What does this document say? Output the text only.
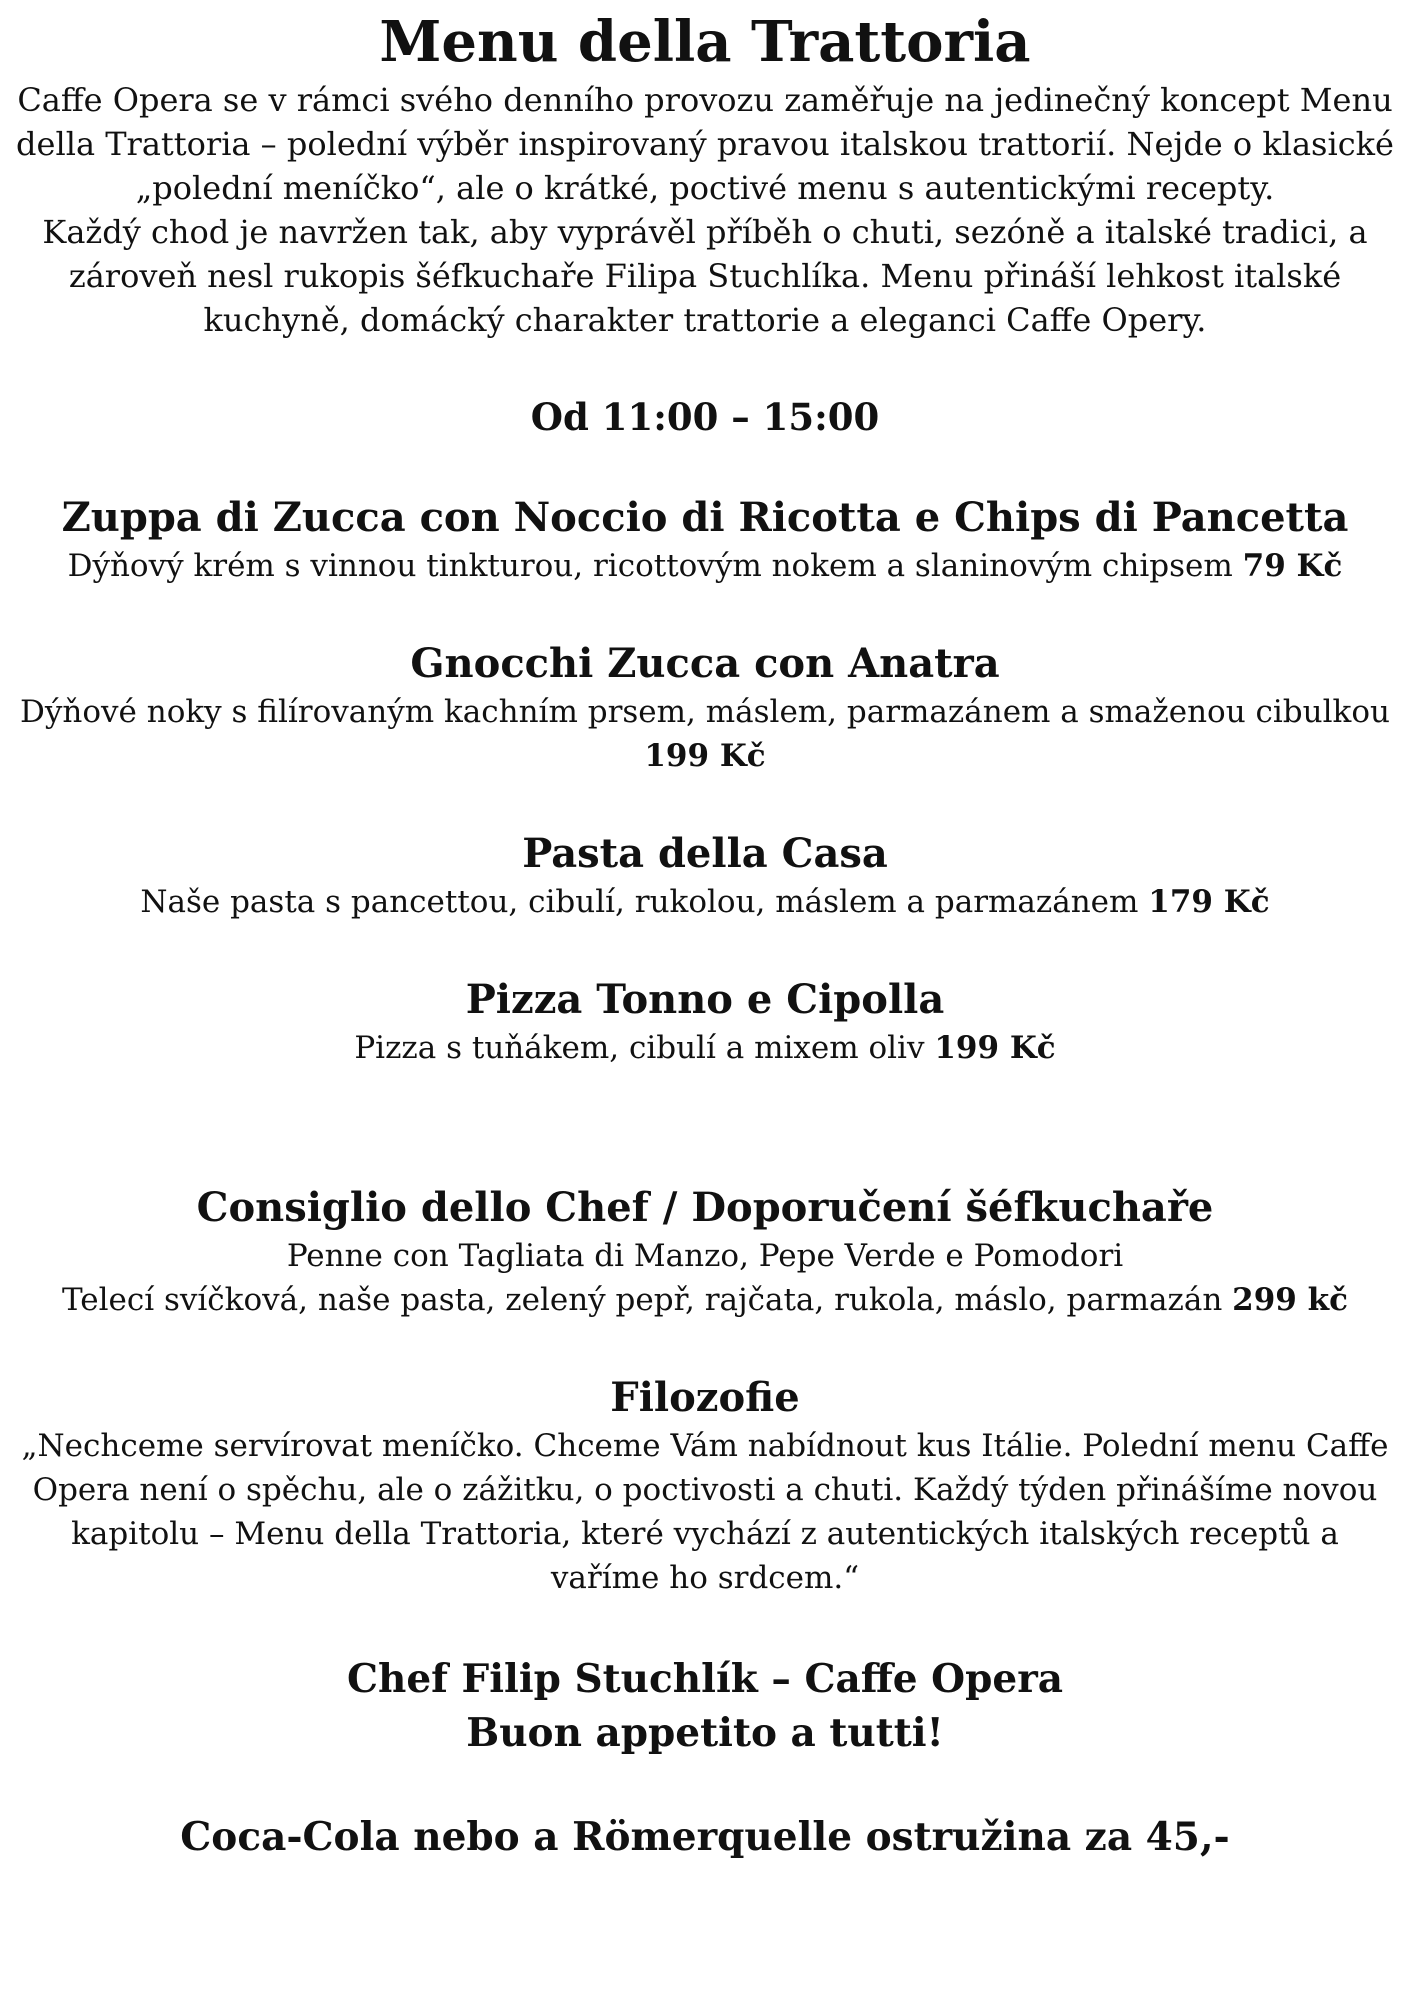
Menu della Trattoria

Caffe Opera se v rámci svého denního provozu zaměřuje na jedinečný koncept Menu della Trattoria – polední výběr inspirovaný pravou italskou trattorií. Nejde o klasické „polední meníčko“, ale o krátké, poctivé menu s autentickými recepty.

Každý chod je navržen tak, aby vyprávěl příběh o chuti, sezóně a italské tradici, a zároveň nesl rukopis šéfkuchaře Filipa Stuchlíka. Menu přináší lehkost italské kuchyně, domácký charakter trattorie a eleganci Caffe Opery.

Od 11:00 – 15:00

Zuppa di Zucca con Noccio di Ricotta e Chips di Pancetta

Dýňový krém s vinnou tinkturou, ricottovým nokem a slaninovým chipsem 79 Kč

Gnocchi Zucca con Anatra

Dýňové noky s filírovaným kachním prsem, máslem, parmazánem a smaženou cibulkou
199 Kč

Pasta della Casa

Naše pasta s pancettou, cibulí, rukolou, máslem a parmazánem 179 Kč

Pizza Tonno e Cipolla

Pizza s tuňákem, cibulí a mixem oliv 199 Kč

Consiglio dello Chef / Doporučení šéfkuchaře

Penne con Tagliata di Manzo, Pepe Verde e Pomodori

Telecí svíčková, naše pasta, zelený pepř, rajčata, rukola, máslo, parmazán 299 kč

Filozofie

„Nechceme servírovat meníčko. Chceme Vám nabídnout kus Itálie. Polední menu Caffe Opera není o spěchu, ale o zážitku, o poctivosti a chuti. Každý týden přinášíme novou kapitolu – Menu della Trattoria, které vychází z autentických italských receptů a vaříme ho srdcem.“

Chef Filip Stuchlík – Caffe Opera
Buon appetito a tutti!
Coca-Cola nebo a Römerquelle ostružina za 45,-
